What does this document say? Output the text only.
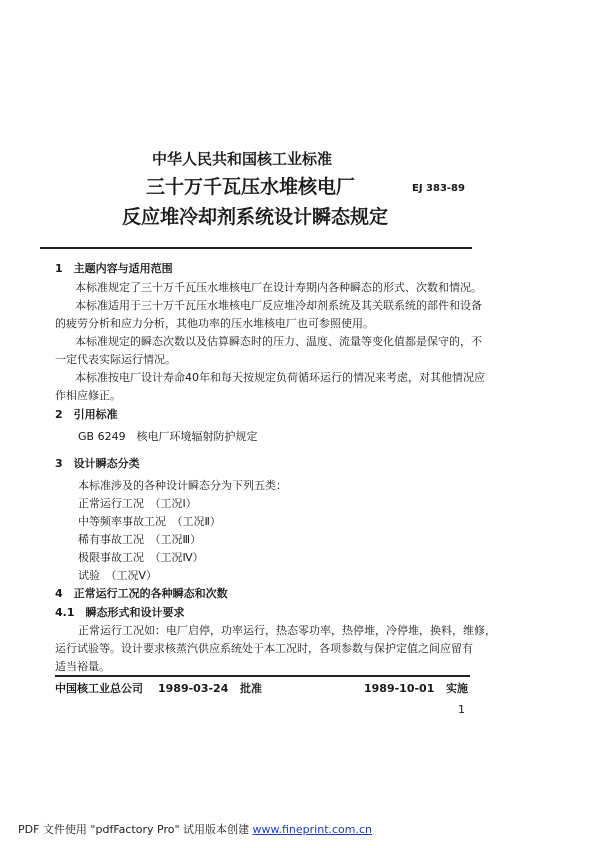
中华人民共和国核工业标准
三十万千瓦压水堆核电厂
反应堆冷却剂系统设计瞬态规定
EJ 383-89
1　主题内容与适用范围
本标准规定了三十万千瓦压水堆核电厂在设计寿期内各种瞬态的形式、次数和情况。
本标准适用于三十万千瓦压水堆核电厂反应堆冷却剂系统及其关联系统的部件和设备
的疲劳分析和应力分析，其他功率的压水堆核电厂也可参照使用。
本标准规定的瞬态次数以及估算瞬态时的压力、温度、流量等变化值都是保守的，不
一定代表实际运行情况。
本标准按电厂设计寿命40年和每天按规定负荷循环运行的情况来考虑，对其他情况应
作相应修正。
2　引用标准
GB 6249　核电厂环境辐射防护规定
3　设计瞬态分类
本标准涉及的各种设计瞬态分为下列五类：
正常运行工况　（工况Ⅰ）
中等频率事故工况　（工况Ⅱ）
稀有事故工况　（工况Ⅲ）
极限事故工况　（工况Ⅳ）
试验　（工况Ⅴ）
4　正常运行工况的各种瞬态和次数
4.1　瞬态形式和设计要求
正常运行工况如：电厂启停，功率运行，热态零功率，热停堆，冷停堆，换料，维修，
运行试验等。设计要求核蒸汽供应系统处于本工况时，各项参数与保护定值之间应留有
适当裕量。
中国核工业总公司 1989-03-24 批准	1989-10-01 实施
1
PDF 文件使用 "pdfFactory Pro" 试用版本创建 www.fineprint.com.cn
